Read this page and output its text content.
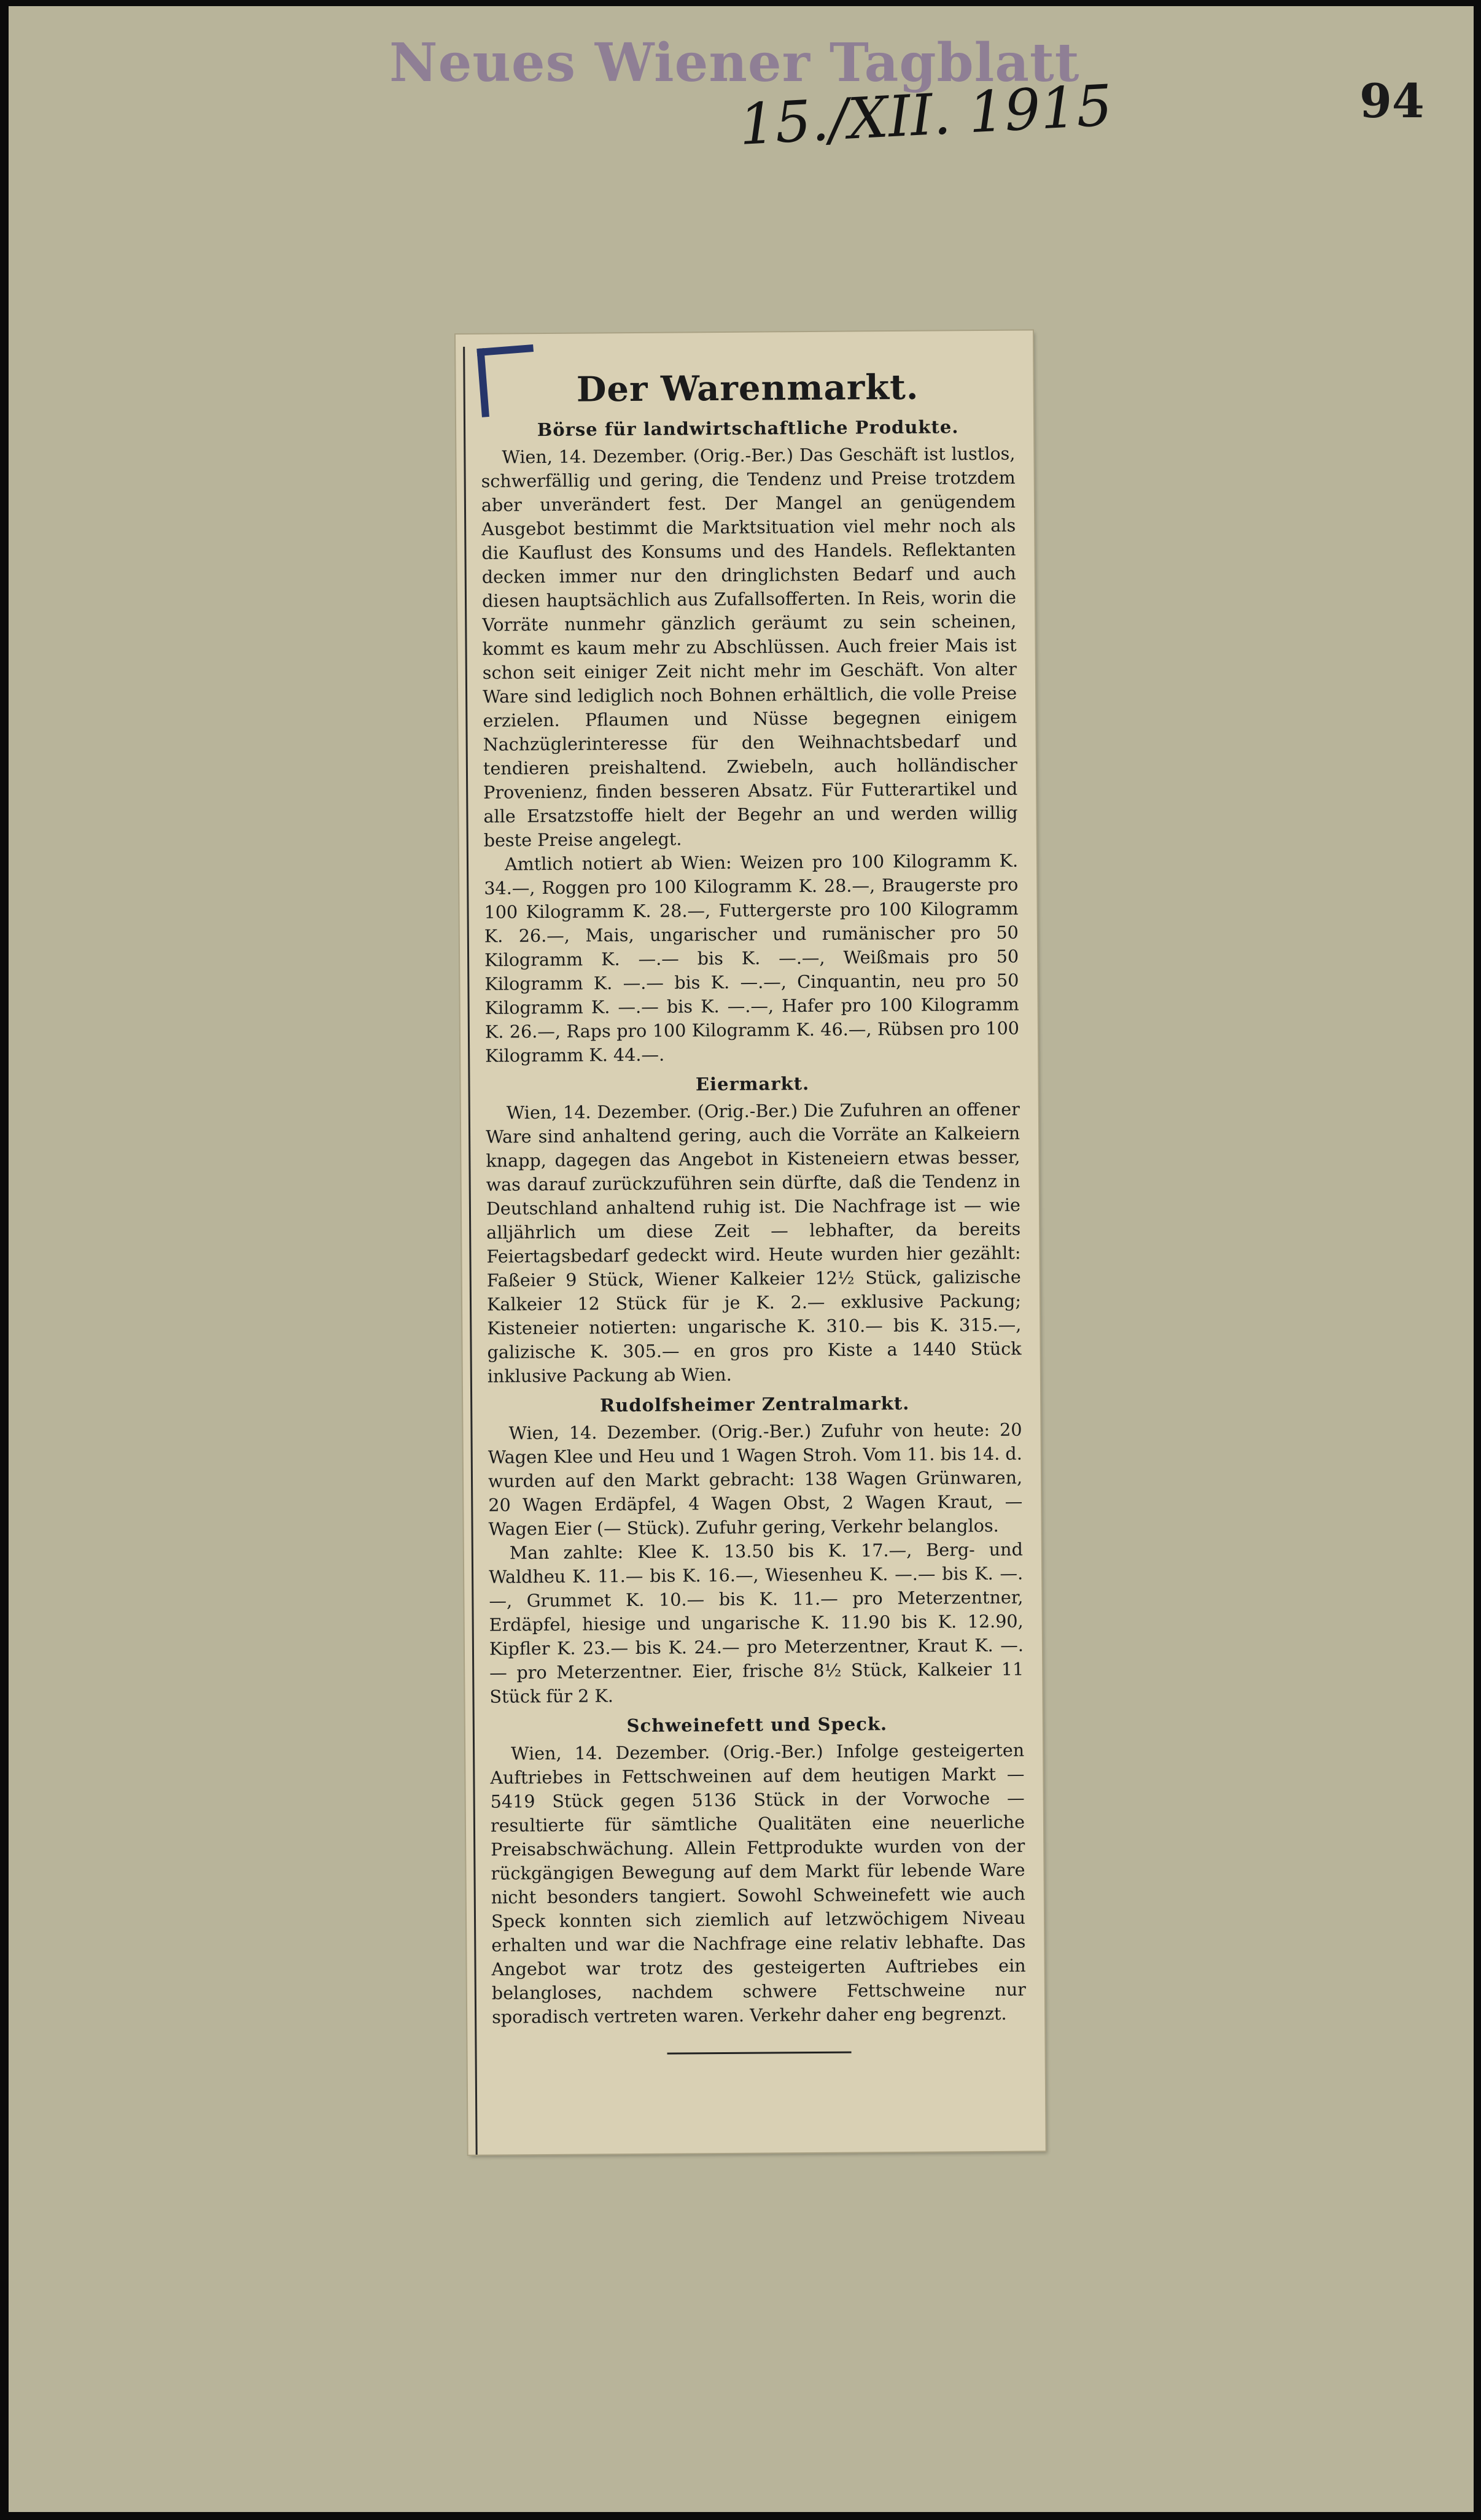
Neues Wiener Tagblatt
15./XII. 1915	94
Der Warenmarkt.
Börse für landwirtschaftliche Produkte.

Wien, 14. Dezember. (Orig.-Ber.) Das Geschäft ist lustlos, schwerfällig und gering, die Tendenz und Preise trotzdem aber unverändert fest. Der Mangel an genügendem Ausgebot bestimmt die Marktsituation viel mehr noch als die Kauflust des Konsums und des Handels. Reflektanten decken immer nur den dringlichsten Bedarf und auch diesen hauptsächlich aus Zufallsofferten. In Reis, worin die Vorräte nunmehr gänzlich geräumt zu sein scheinen, kommt es kaum mehr zu Abschlüssen. Auch freier Mais ist schon seit einiger Zeit nicht mehr im Geschäft. Von alter Ware sind lediglich noch Bohnen erhältlich, die volle Preise erzielen. Pflaumen und Nüsse begegnen einigem Nachzüglerinteresse für den Weihnachtsbedarf und tendieren preishaltend. Zwiebeln, auch holländischer Provenienz, finden besseren Absatz. Für Futterartikel und alle Ersatzstoffe hielt der Begehr an und werden willig beste Preise angelegt.

Amtlich notiert ab Wien: Weizen pro 100 Kilogramm K. 34.—, Roggen pro 100 Kilogramm K. 28.—, Braugerste pro 100 Kilogramm K. 28.—, Futtergerste pro 100 Kilogramm K. 26.—, Mais, ungarischer und rumänischer pro 50 Kilogramm K. —.— bis K. —.—, Weißmais pro 50 Kilogramm K. —.— bis K. —.—, Cinquantin, neu pro 50 Kilogramm K. —.— bis K. —.—, Hafer pro 100 Kilogramm K. 26.—, Raps pro 100 Kilogramm K. 46.—, Rübsen pro 100 Kilogramm K. 44.—.

Eiermarkt.

Wien, 14. Dezember. (Orig.-Ber.) Die Zufuhren an offener Ware sind anhaltend gering, auch die Vorräte an Kalkeiern knapp, dagegen das Angebot in Kisteneiern etwas besser, was darauf zurückzuführen sein dürfte, daß die Tendenz in Deutschland anhaltend ruhig ist. Die Nachfrage ist — wie alljährlich um diese Zeit — lebhafter, da bereits Feiertagsbedarf gedeckt wird. Heute wurden hier gezählt: Faßeier 9 Stück, Wiener Kalkeier 12½ Stück, galizische Kalkeier 12 Stück für je K. 2.— exklusive Packung; Kisteneier notierten: ungarische K. 310.— bis K. 315.—, galizische K. 305.— en gros pro Kiste a 1440 Stück inklusive Packung ab Wien.

Rudolfsheimer Zentralmarkt.

Wien, 14. Dezember. (Orig.-Ber.) Zufuhr von heute: 20 Wagen Klee und Heu und 1 Wagen Stroh. Vom 11. bis 14. d. wurden auf den Markt gebracht: 138 Wagen Grünwaren, 20 Wagen Erdäpfel, 4 Wagen Obst, 2 Wagen Kraut, — Wagen Eier (— Stück). Zufuhr gering, Verkehr belanglos.

Man zahlte: Klee K. 13.50 bis K. 17.—, Berg- und Waldheu K. 11.— bis K. 16.—, Wiesenheu K. —.— bis K. —.—, Grummet K. 10.— bis K. 11.— pro Meterzentner, Erdäpfel, hiesige und ungarische K. 11.90 bis K. 12.90, Kipfler K. 23.— bis K. 24.— pro Meterzentner, Kraut K. —.— pro Meterzentner. Eier, frische 8½ Stück, Kalkeier 11 Stück für 2 K.

Schweinefett und Speck.

Wien, 14. Dezember. (Orig.-Ber.) Infolge gesteigerten Auftriebes in Fettschweinen auf dem heutigen Markt — 5419 Stück gegen 5136 Stück in der Vorwoche — resultierte für sämtliche Qualitäten eine neuerliche Preisabschwächung. Allein Fettprodukte wurden von der rückgängigen Bewegung auf dem Markt für lebende Ware nicht besonders tangiert. Sowohl Schweinefett wie auch Speck konnten sich ziemlich auf letzwöchigem Niveau erhalten und war die Nachfrage eine relativ lebhafte. Das Angebot war trotz des gesteigerten Auftriebes ein belangloses, nachdem schwere Fettschweine nur sporadisch vertreten waren. Verkehr daher eng begrenzt.
